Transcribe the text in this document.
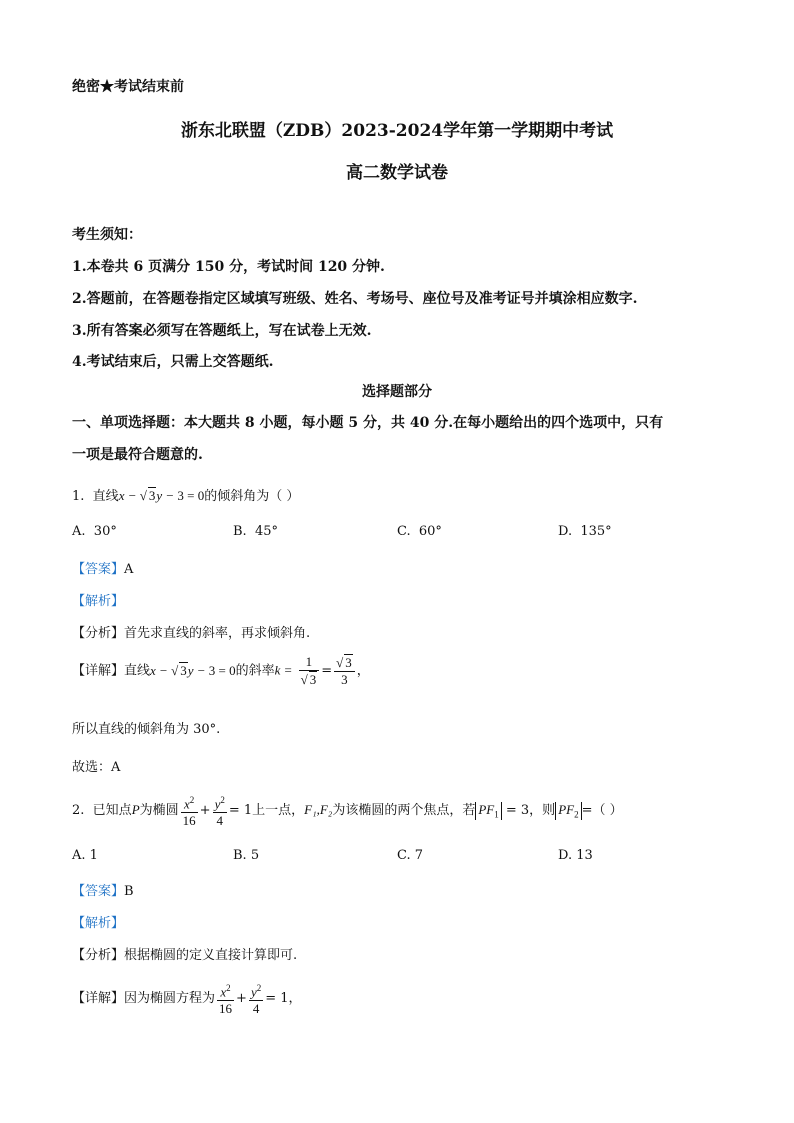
绝密★考试结束前
浙东北联盟（ZDB）2023-2024学年第一学期期中考试
高二数学试卷
考生须知：
1.本卷共 6 页满分 150 分，考试时间 120 分钟.
2.答题前，在答题卷指定区域填写班级、姓名、考场号、座位号及准考证号并填涂相应数字.
3.所有答案必须写在答题纸上，写在试卷上无效.
4.考试结束后，只需上交答题纸.
选择题部分
一、单项选择题：本大题共 8 小题，每小题 5 分，共 40 分.在每小题给出的四个选项中，只有
一项是最符合题意的.
1. 直线x − √ 3y − 3 = 0的倾斜角为（ ）
A. 30°	B. 45°	C. 60°	D. 135°
【答案】A
【解析】
【分析】首先求直线的斜率，再求倾斜角.
【详解】直线x − √ 3y − 3 = 0的斜率$k = \frac{1}{√ 3} = \frac{√ 3}{3}$ ，
所以直线的倾斜角为 30°.
故选：A
2. 已知点P为椭圆 $\frac{x^2}{16} + \frac{y^2}{4} = 1$上一点，F₁,F₂为该椭圆的两个焦点，若 $PF_1 = 3$，则 $PF_2$ =（ ）
A. 1	B. 5	C. 7	D. 13
【答案】B
【解析】
【分析】根据椭圆的定义直接计算即可.
【详解】因为椭圆方程为 $\frac{x^2}{16} + \frac{y^2}{4} = 1$，
